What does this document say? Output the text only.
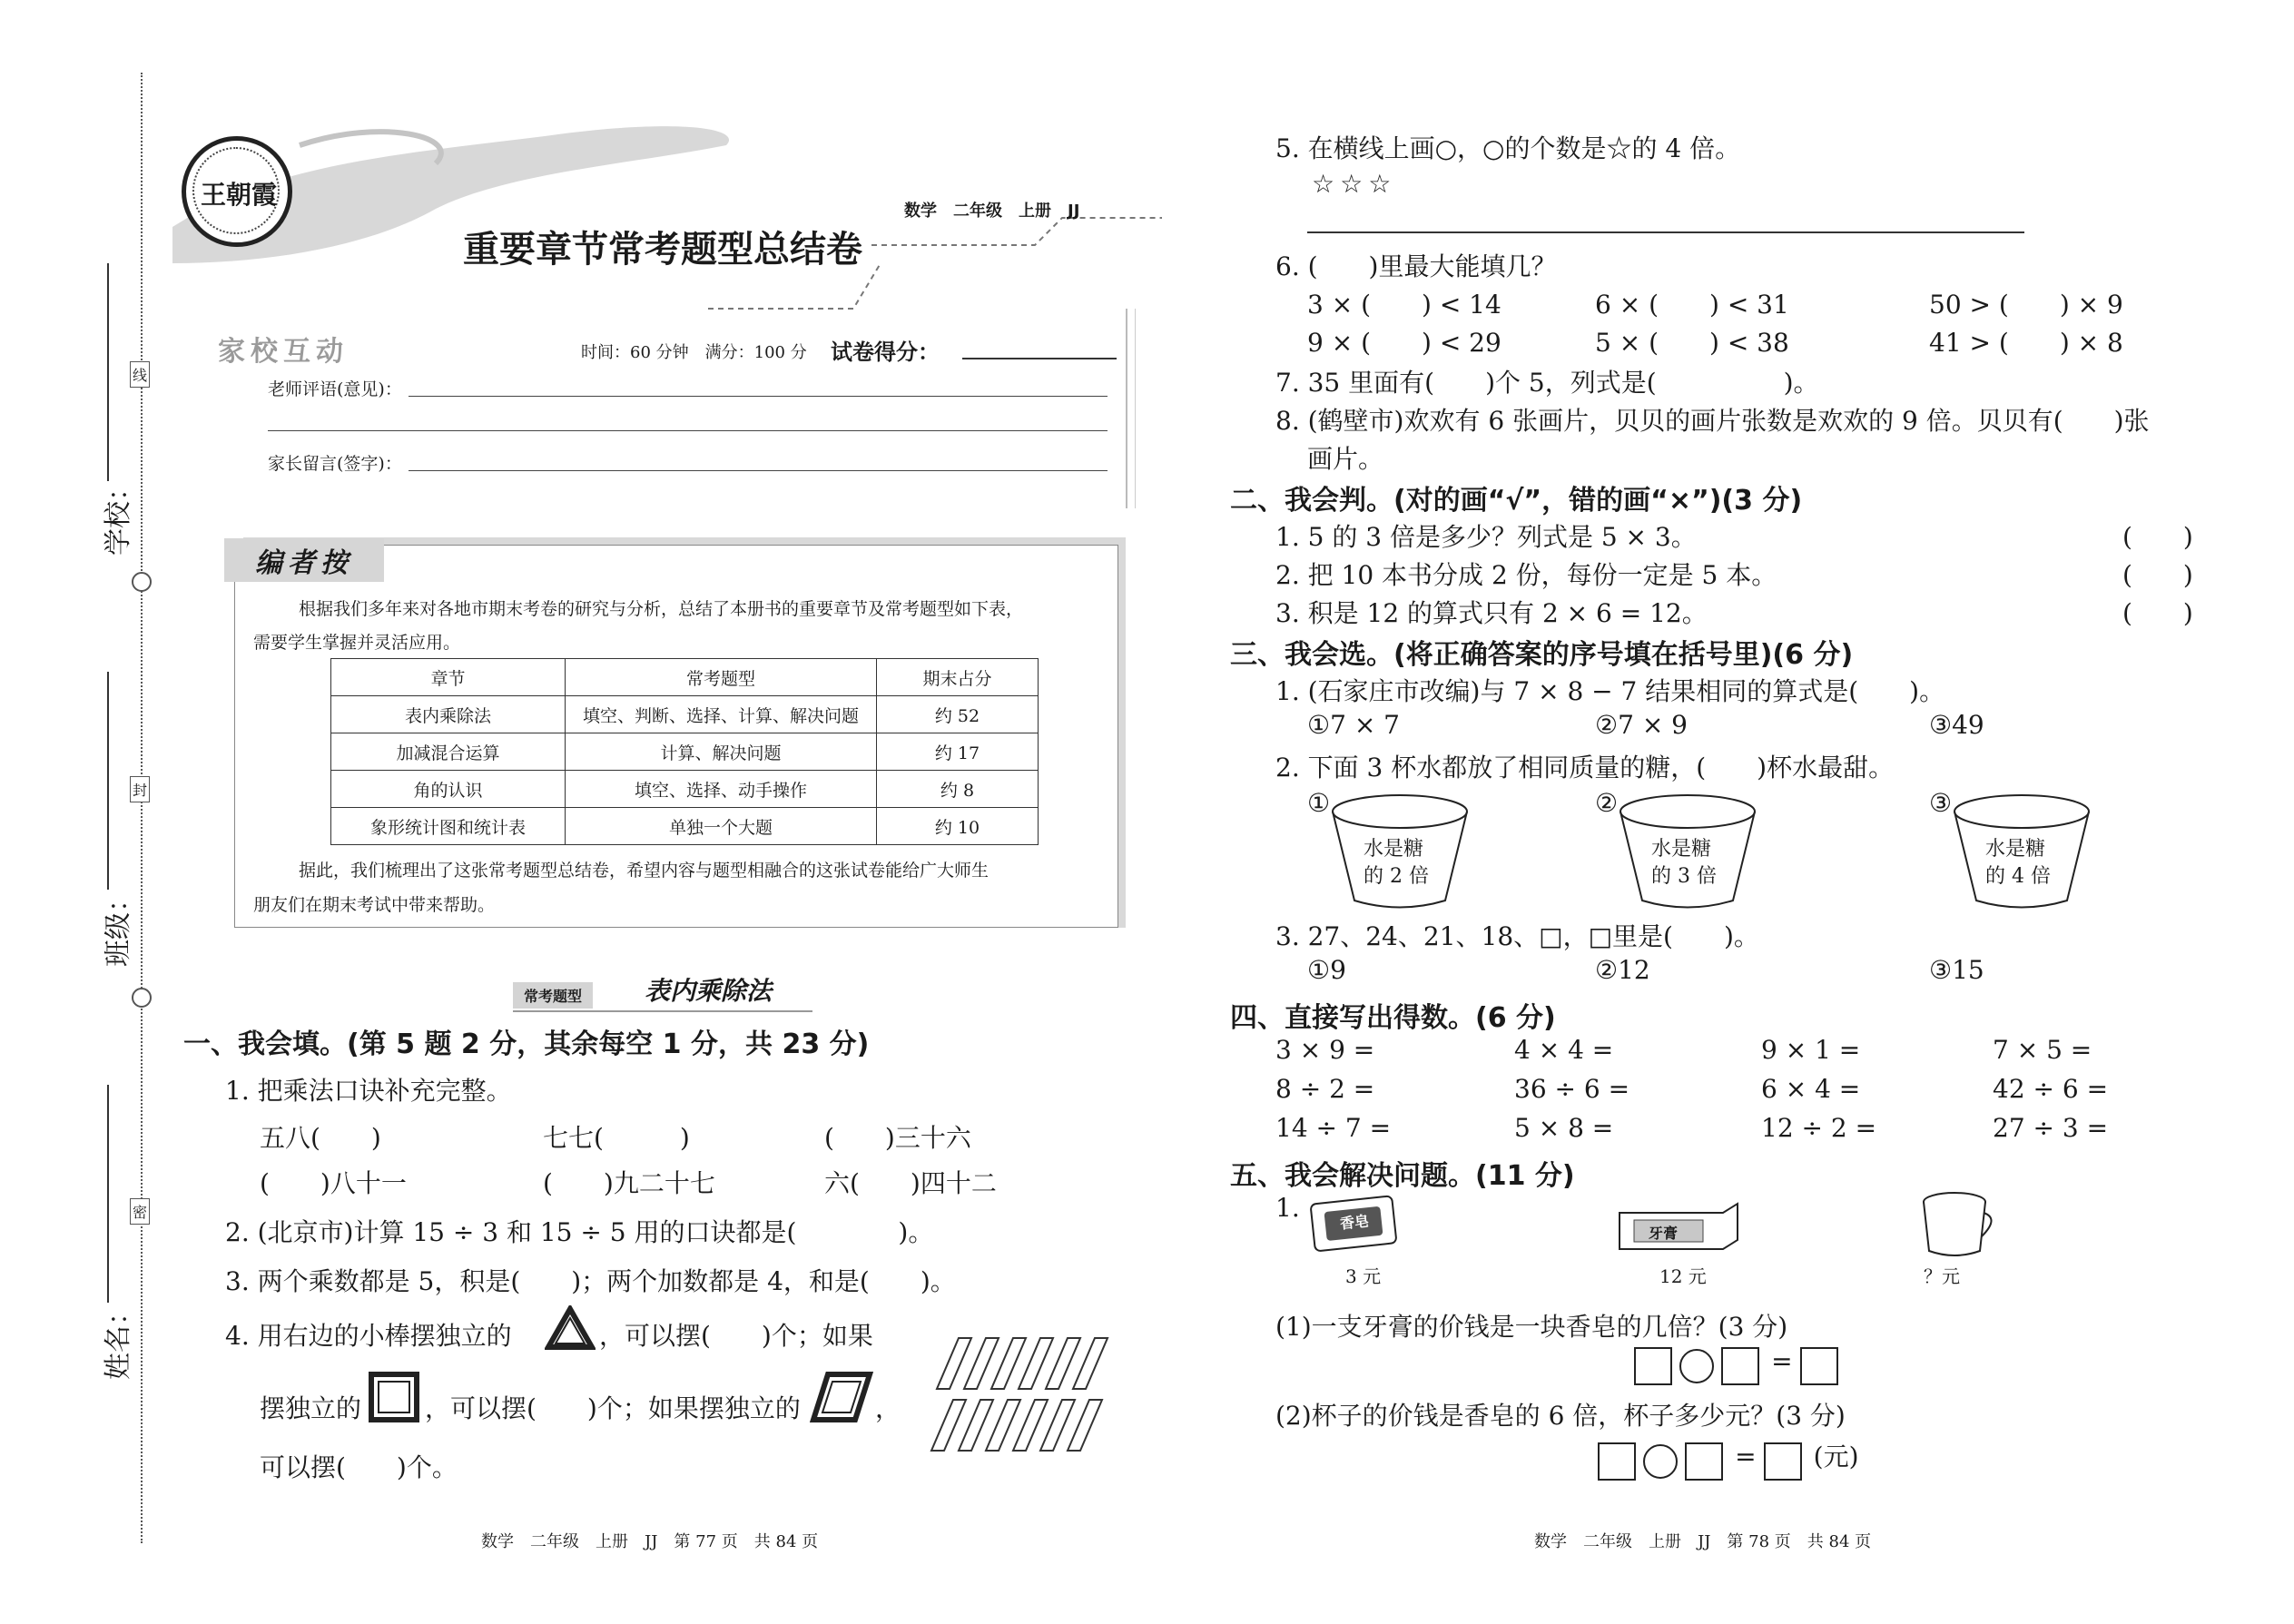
线
封
密
学校：
班级：
姓名：
王朝霞
重要章节常考题型总结卷
数学　二年级　上册　JJ
家校互动	时间：60 分钟　满分：100 分 试卷得分：
老师评语(意见)：
家长留言(签字)：
编者按
根据我们多年来对各地市期末考卷的研究与分析，总结了本册书的重要章节及常考题型如下表，
需要学生掌握并灵活应用。
章节	常考题型	期末占分
表内乘除法	填空、判断、选择、计算、解决问题	约 52
加减混合运算	计算、解决问题	约 17
角的认识	填空、选择、动手操作	约 8
象形统计图和统计表	单独一个大题	约 10
据此，我们梳理出了这张常考题型总结卷，希望内容与题型相融合的这张试卷能给广大师生
朋友们在期末考试中带来帮助。
常考题型	表内乘除法
一、我会填。(第 5 题 2 分，其余每空 1 分，共 23 分)
1. 把乘法口诀补充完整。
五八(　　)	七七(　　　)	(　　)三十六
(　　)八十一	(　　)九二十七	六(　　)四十二
2. (北京市)计算 15 ÷ 3 和 15 ÷ 5 用的口诀都是(　　　　)。
3. 两个乘数都是 5，积是(　　)；两个加数都是 4，和是(　　)。
4. 用右边的小棒摆独立的	，可以摆(　　)个；如果
摆独立的 ，可以摆(　　)个；如果摆独立的	，
可以摆(　　)个。
数学　二年级　上册　JJ　第 77 页　共 84 页
5. 在横线上画○，○的个数是☆的 4 倍。
☆☆☆
6. (　　)里最大能填几？
3 × (　　) < 14	6 × (　　) < 31	50 > (　　) × 9
9 × (　　) < 29	5 × (　　) < 38	41 > (　　) × 8
7. 35 里面有(　　)个 5，列式是(　　　　　)。
8. (鹤壁市)欢欢有 6 张画片，贝贝的画片张数是欢欢的 9 倍。贝贝有(　　)张
画片。
二、我会判。(对的画“√”，错的画“×”)(3 分)
1. 5 的 3 倍是多少？列式是 5 × 3。	(　　)
2. 把 10 本书分成 2 份，每份一定是 5 本。	(　　)
3. 积是 12 的算式只有 2 × 6 = 12。	(　　)
三、我会选。(将正确答案的序号填在括号里)(6 分)
1. (石家庄市改编)与 7 × 8 − 7 结果相同的算式是(　　)。
①7 × 7	②7 × 9	③49
2. 下面 3 杯水都放了相同质量的糖，(　　)杯水最甜。
①
水是糖
的 2 倍
②
水是糖
的 3 倍
③
水是糖
的 4 倍
3. 27、24、21、18、□，□里是(　　)。
①9	②12	③15
四、直接写出得数。(6 分)
3 × 9 =	4 × 4 =	9 × 1 =	7 × 5 =
8 ÷ 2 =	36 ÷ 6 =	6 × 4 =	42 ÷ 6 =
14 ÷ 7 =	5 × 8 =	12 ÷ 2 =	27 ÷ 3 =
五、我会解决问题。(11 分)
1.	香皂
3 元
牙膏
12 元	？元
(1)一支牙膏的价钱是一块香皂的几倍？(3 分)
=
(2)杯子的价钱是香皂的 6 倍，杯子多少元？(3 分)
= (元)
数学　二年级　上册　JJ　第 78 页　共 84 页
